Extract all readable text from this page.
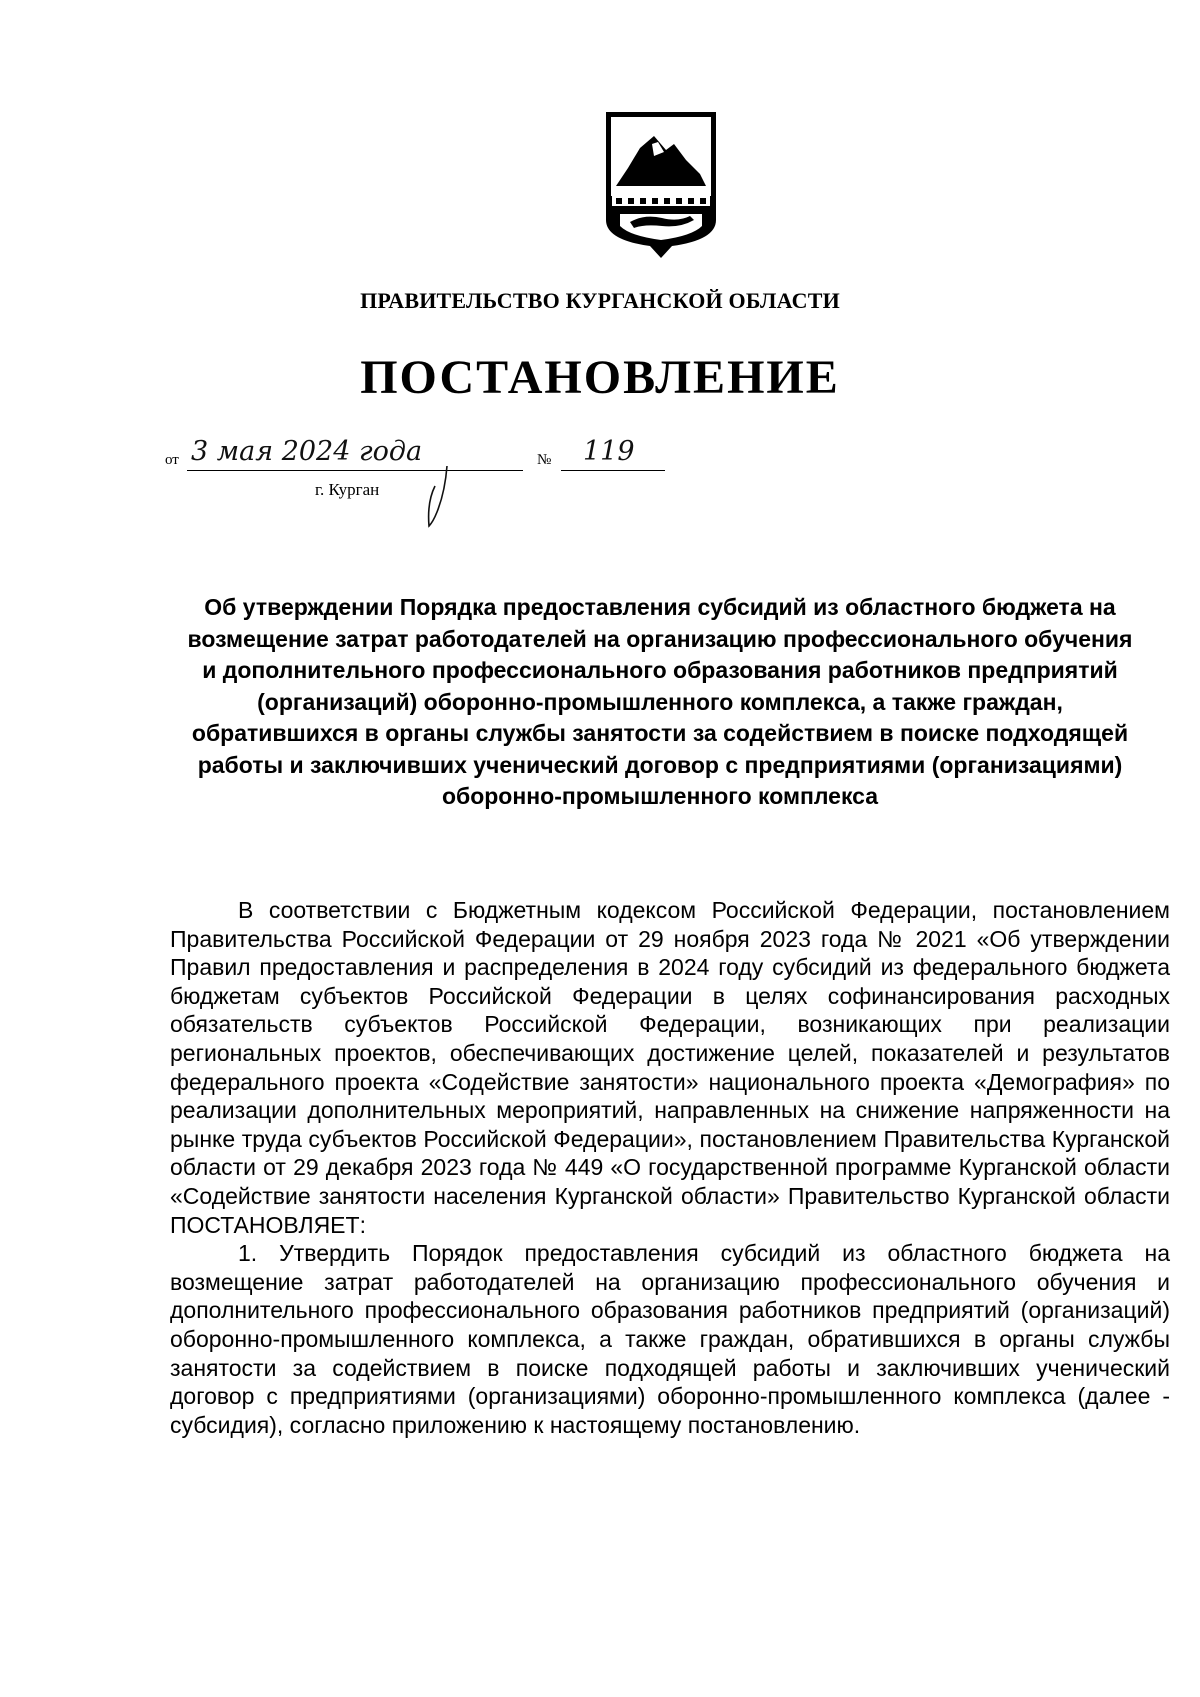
ПРАВИТЕЛЬСТВО КУРГАНСКОЙ ОБЛАСТИ
ПОСТАНОВЛЕНИЕ
от 3 мая 2024 года	№ 119
г. Курган
Об утверждении Порядка предоставления субсидий из областного бюджета на возмещение затрат работодателей на организацию профессионального обучения и дополнительного профессионального образования работников предприятий (организаций) оборонно-промышленного комплекса, а также граждан, обратившихся в органы службы занятости за содействием в поиске подходящей работы и заключивших ученический договор с предприятиями (организациями) оборонно-промышленного комплекса

В соответствии с Бюджетным кодексом Российской Федерации, постановлением Правительства Российской Федерации от 29 ноября 2023 года № 2021 «Об утверждении Правил предоставления и распределения в 2024 году субсидий из федерального бюджета бюджетам субъектов Российской Федерации в целях софинансирования расходных обязательств субъектов Российской Федерации, возникающих при реализации региональных проектов, обеспечивающих достижение целей, показателей и результатов федерального проекта «Содействие занятости» национального проекта «Демография» по реализации дополнительных мероприятий, направленных на снижение напряженности на рынке труда субъектов Российской Федерации», постановлением Правительства Курганской области от 29 декабря 2023 года № 449 «О государственной программе Курганской области «Содействие занятости населения Курганской области» Правительство Курганской области ПОСТАНОВЛЯЕТ:

1. Утвердить Порядок предоставления субсидий из областного бюджета на возмещение затрат работодателей на организацию профессионального обучения и дополнительного профессионального образования работников предприятий (организаций) оборонно-промышленного комплекса, а также граждан, обратившихся в органы службы занятости за содействием в поиске подходящей работы и заключивших ученический договор с предприятиями (организациями) оборонно-промышленного комплекса (далее - субсидия), согласно приложению к настоящему постановлению.
